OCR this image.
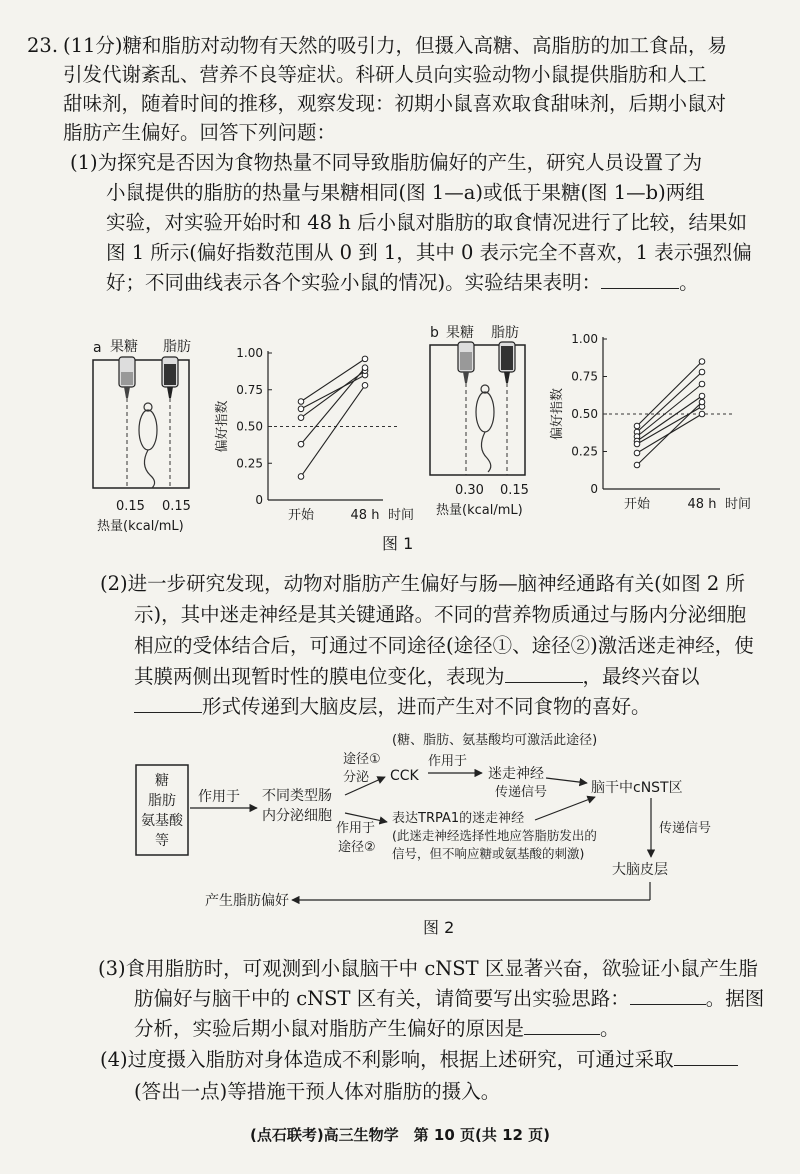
23. (11分)糖和脂肪对动物有天然的吸引力，但摄入高糖、高脂肪的加工食品，易
引发代谢紊乱、营养不良等症状。科研人员向实验动物小鼠提供脂肪和人工
甜味剂，随着时间的推移，观察发现：初期小鼠喜欢取食甜味剂，后期小鼠对
脂肪产生偏好。回答下列问题：
(1)为探究是否因为食物热量不同导致脂肪偏好的产生，研究人员设置了为
小鼠提供的脂肪的热量与果糖相同(图 1—a)或低于果糖(图 1—b)两组
实验，对实验开始时和 48 h 后小鼠对脂肪的取食情况进行了比较，结果如
图 1 所示(偏好指数范围从 0 到 1，其中 0 表示完全不喜欢，1 表示强烈偏
好；不同曲线表示各个实验小鼠的情况)。实验结果表明：	。
a 果糖 脂肪
0.15 0.15
热量(kcal/mL)
b 果糖 脂肪
0.30 0.15
热量(kcal/mL)
0
0.25
0.50
0.75
1.00
偏好指数
开始	48 h 时间
0
0.25
0.50
0.75
1.00
偏好指数
开始	48 h 时间
图 1
(2)进一步研究发现，动物对脂肪产生偏好与肠—脑神经通路有关(如图 2 所
示)，其中迷走神经是其关键通路。不同的营养物质通过与肠内分泌细胞
相应的受体结合后，可通过不同途径(途径①、途径②)激活迷走神经，使
其膜两侧出现暂时性的膜电位变化，表现为	，最终兴奋以
形式传递到大脑皮层，进而产生对不同食物的喜好。
糖
脂肪
氨基酸
等
作用于 不同类型肠
内分泌细胞
途径①
分泌 CCK
(糖、脂肪、氨基酸均可激活此途径)
作用于
迷走神经
传递信号	脑干中cNST区
作用于
途径②
表达TRPA1的迷走神经
(此迷走神经选择性地应答脂肪发出的
信号，但不响应糖或氨基酸的刺激)
传递信号
大脑皮层
产生脂肪偏好
图 2
(3)食用脂肪时，可观测到小鼠脑干中 cNST 区显著兴奋，欲验证小鼠产生脂
肪偏好与脑干中的 cNST 区有关，请简要写出实验思路：	。据图
分析，实验后期小鼠对脂肪产生偏好的原因是	。
(4)过度摄入脂肪对身体造成不利影响，根据上述研究，可通过采取
(答出一点)等措施干预人体对脂肪的摄入。
(点石联考)高三生物学　第 10 页(共 12 页)
